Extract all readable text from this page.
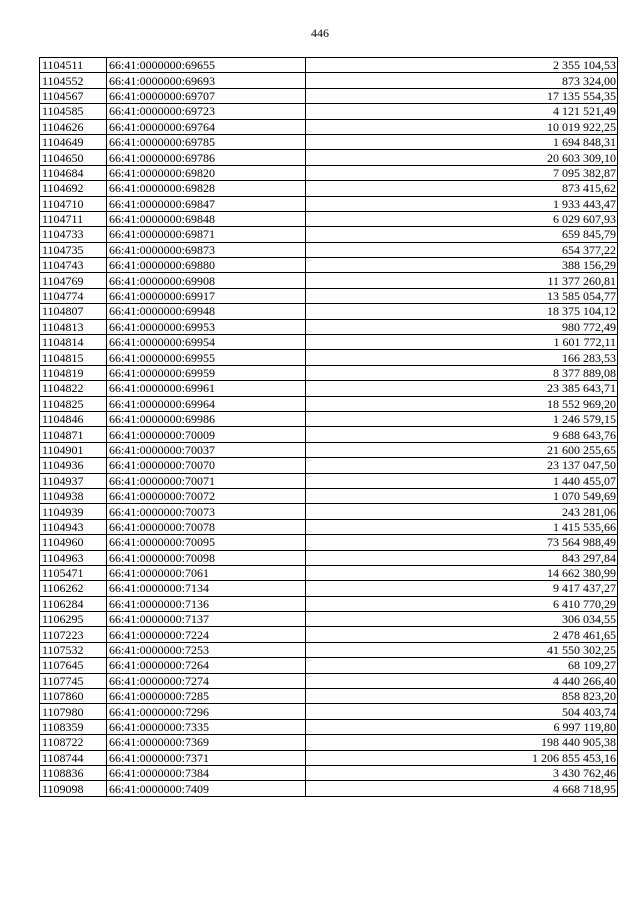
446
1104511	66:41:0000000:69655	2 355 104,53
1104552	66:41:0000000:69693	873 324,00
1104567	66:41:0000000:69707	17 135 554,35
1104585	66:41:0000000:69723	4 121 521,49
1104626	66:41:0000000:69764	10 019 922,25
1104649	66:41:0000000:69785	1 694 848,31
1104650	66:41:0000000:69786	20 603 309,10
1104684	66:41:0000000:69820	7 095 382,87
1104692	66:41:0000000:69828	873 415,62
1104710	66:41:0000000:69847	1 933 443,47
1104711	66:41:0000000:69848	6 029 607,93
1104733	66:41:0000000:69871	659 845,79
1104735	66:41:0000000:69873	654 377,22
1104743	66:41:0000000:69880	388 156,29
1104769	66:41:0000000:69908	11 377 260,81
1104774	66:41:0000000:69917	13 585 054,77
1104807	66:41:0000000:69948	18 375 104,12
1104813	66:41:0000000:69953	980 772,49
1104814	66:41:0000000:69954	1 601 772,11
1104815	66:41:0000000:69955	166 283,53
1104819	66:41:0000000:69959	8 377 889,08
1104822	66:41:0000000:69961	23 385 643,71
1104825	66:41:0000000:69964	18 552 969,20
1104846	66:41:0000000:69986	1 246 579,15
1104871	66:41:0000000:70009	9 688 643,76
1104901	66:41:0000000:70037	21 600 255,65
1104936	66:41:0000000:70070	23 137 047,50
1104937	66:41:0000000:70071	1 440 455,07
1104938	66:41:0000000:70072	1 070 549,69
1104939	66:41:0000000:70073	243 281,06
1104943	66:41:0000000:70078	1 415 535,66
1104960	66:41:0000000:70095	73 564 988,49
1104963	66:41:0000000:70098	843 297,84
1105471	66:41:0000000:7061	14 662 380,99
1106262	66:41:0000000:7134	9 417 437,27
1106284	66:41:0000000:7136	6 410 770,29
1106295	66:41:0000000:7137	306 034,55
1107223	66:41:0000000:7224	2 478 461,65
1107532	66:41:0000000:7253	41 550 302,25
1107645	66:41:0000000:7264	68 109,27
1107745	66:41:0000000:7274	4 440 266,40
1107860	66:41:0000000:7285	858 823,20
1107980	66:41:0000000:7296	504 403,74
1108359	66:41:0000000:7335	6 997 119,80
1108722	66:41:0000000:7369	198 440 905,38
1108744	66:41:0000000:7371	1 206 855 453,16
1108836	66:41:0000000:7384	3 430 762,46
1109098	66:41:0000000:7409	4 668 718,95
